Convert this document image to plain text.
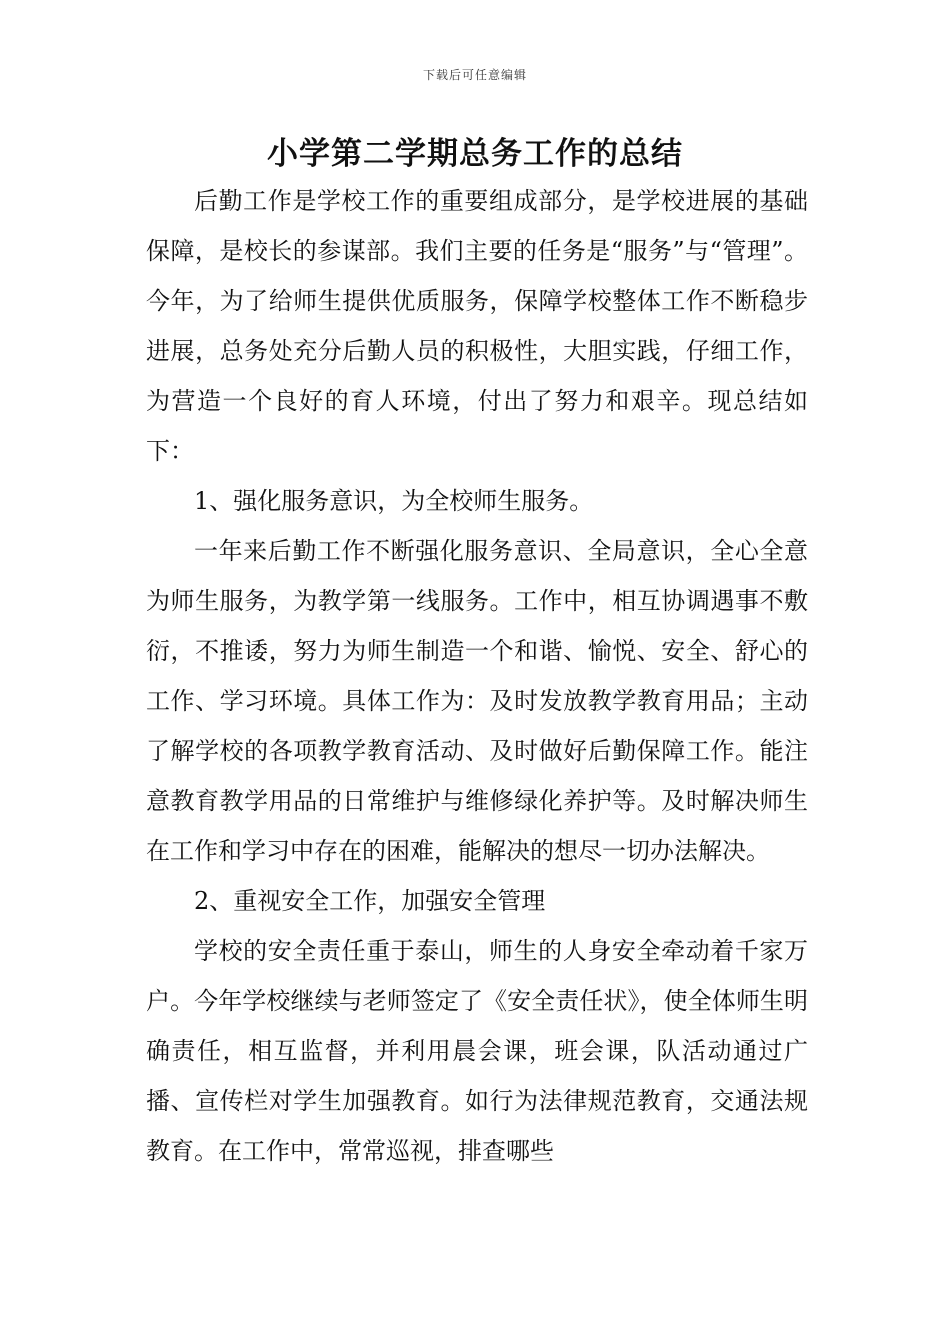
下载后可任意编辑
小学第二学期总务工作的总结

后勤工作是学校工作的重要组成部分，是学校进展的基础保障，是校长的参谋部。我们主要的任务是“服务”与“管理”。今年，为了给师生提供优质服务，保障学校整体工作不断稳步进展，总务处充分后勤人员的积极性，大胆实践，仔细工作，为营造一个良好的育人环境，付出了努力和艰辛。现总结如下：

1、强化服务意识，为全校师生服务。

一年来后勤工作不断强化服务意识、全局意识，全心全意为师生服务，为教学第一线服务。工作中，相互协调遇事不敷衍，不推诿，努力为师生制造一个和谐、愉悦、安全、舒心的工作、学习环境。具体工作为：及时发放教学教育用品；主动了解学校的各项教学教育活动、及时做好后勤保障工作。能注意教育教学用品的日常维护与维修绿化养护等。及时解决师生在工作和学习中存在的困难，能解决的想尽一切办法解决。

2、重视安全工作，加强安全管理

学校的安全责任重于泰山，师生的人身安全牵动着千家万户。今年学校继续与老师签定了《安全责任状》，使全体师生明确责任，相互监督，并利用晨会课，班会课，队活动通过广播、宣传栏对学生加强教育。如行为法律规范教育，交通法规教育。在工作中，常常巡视，排查哪些
